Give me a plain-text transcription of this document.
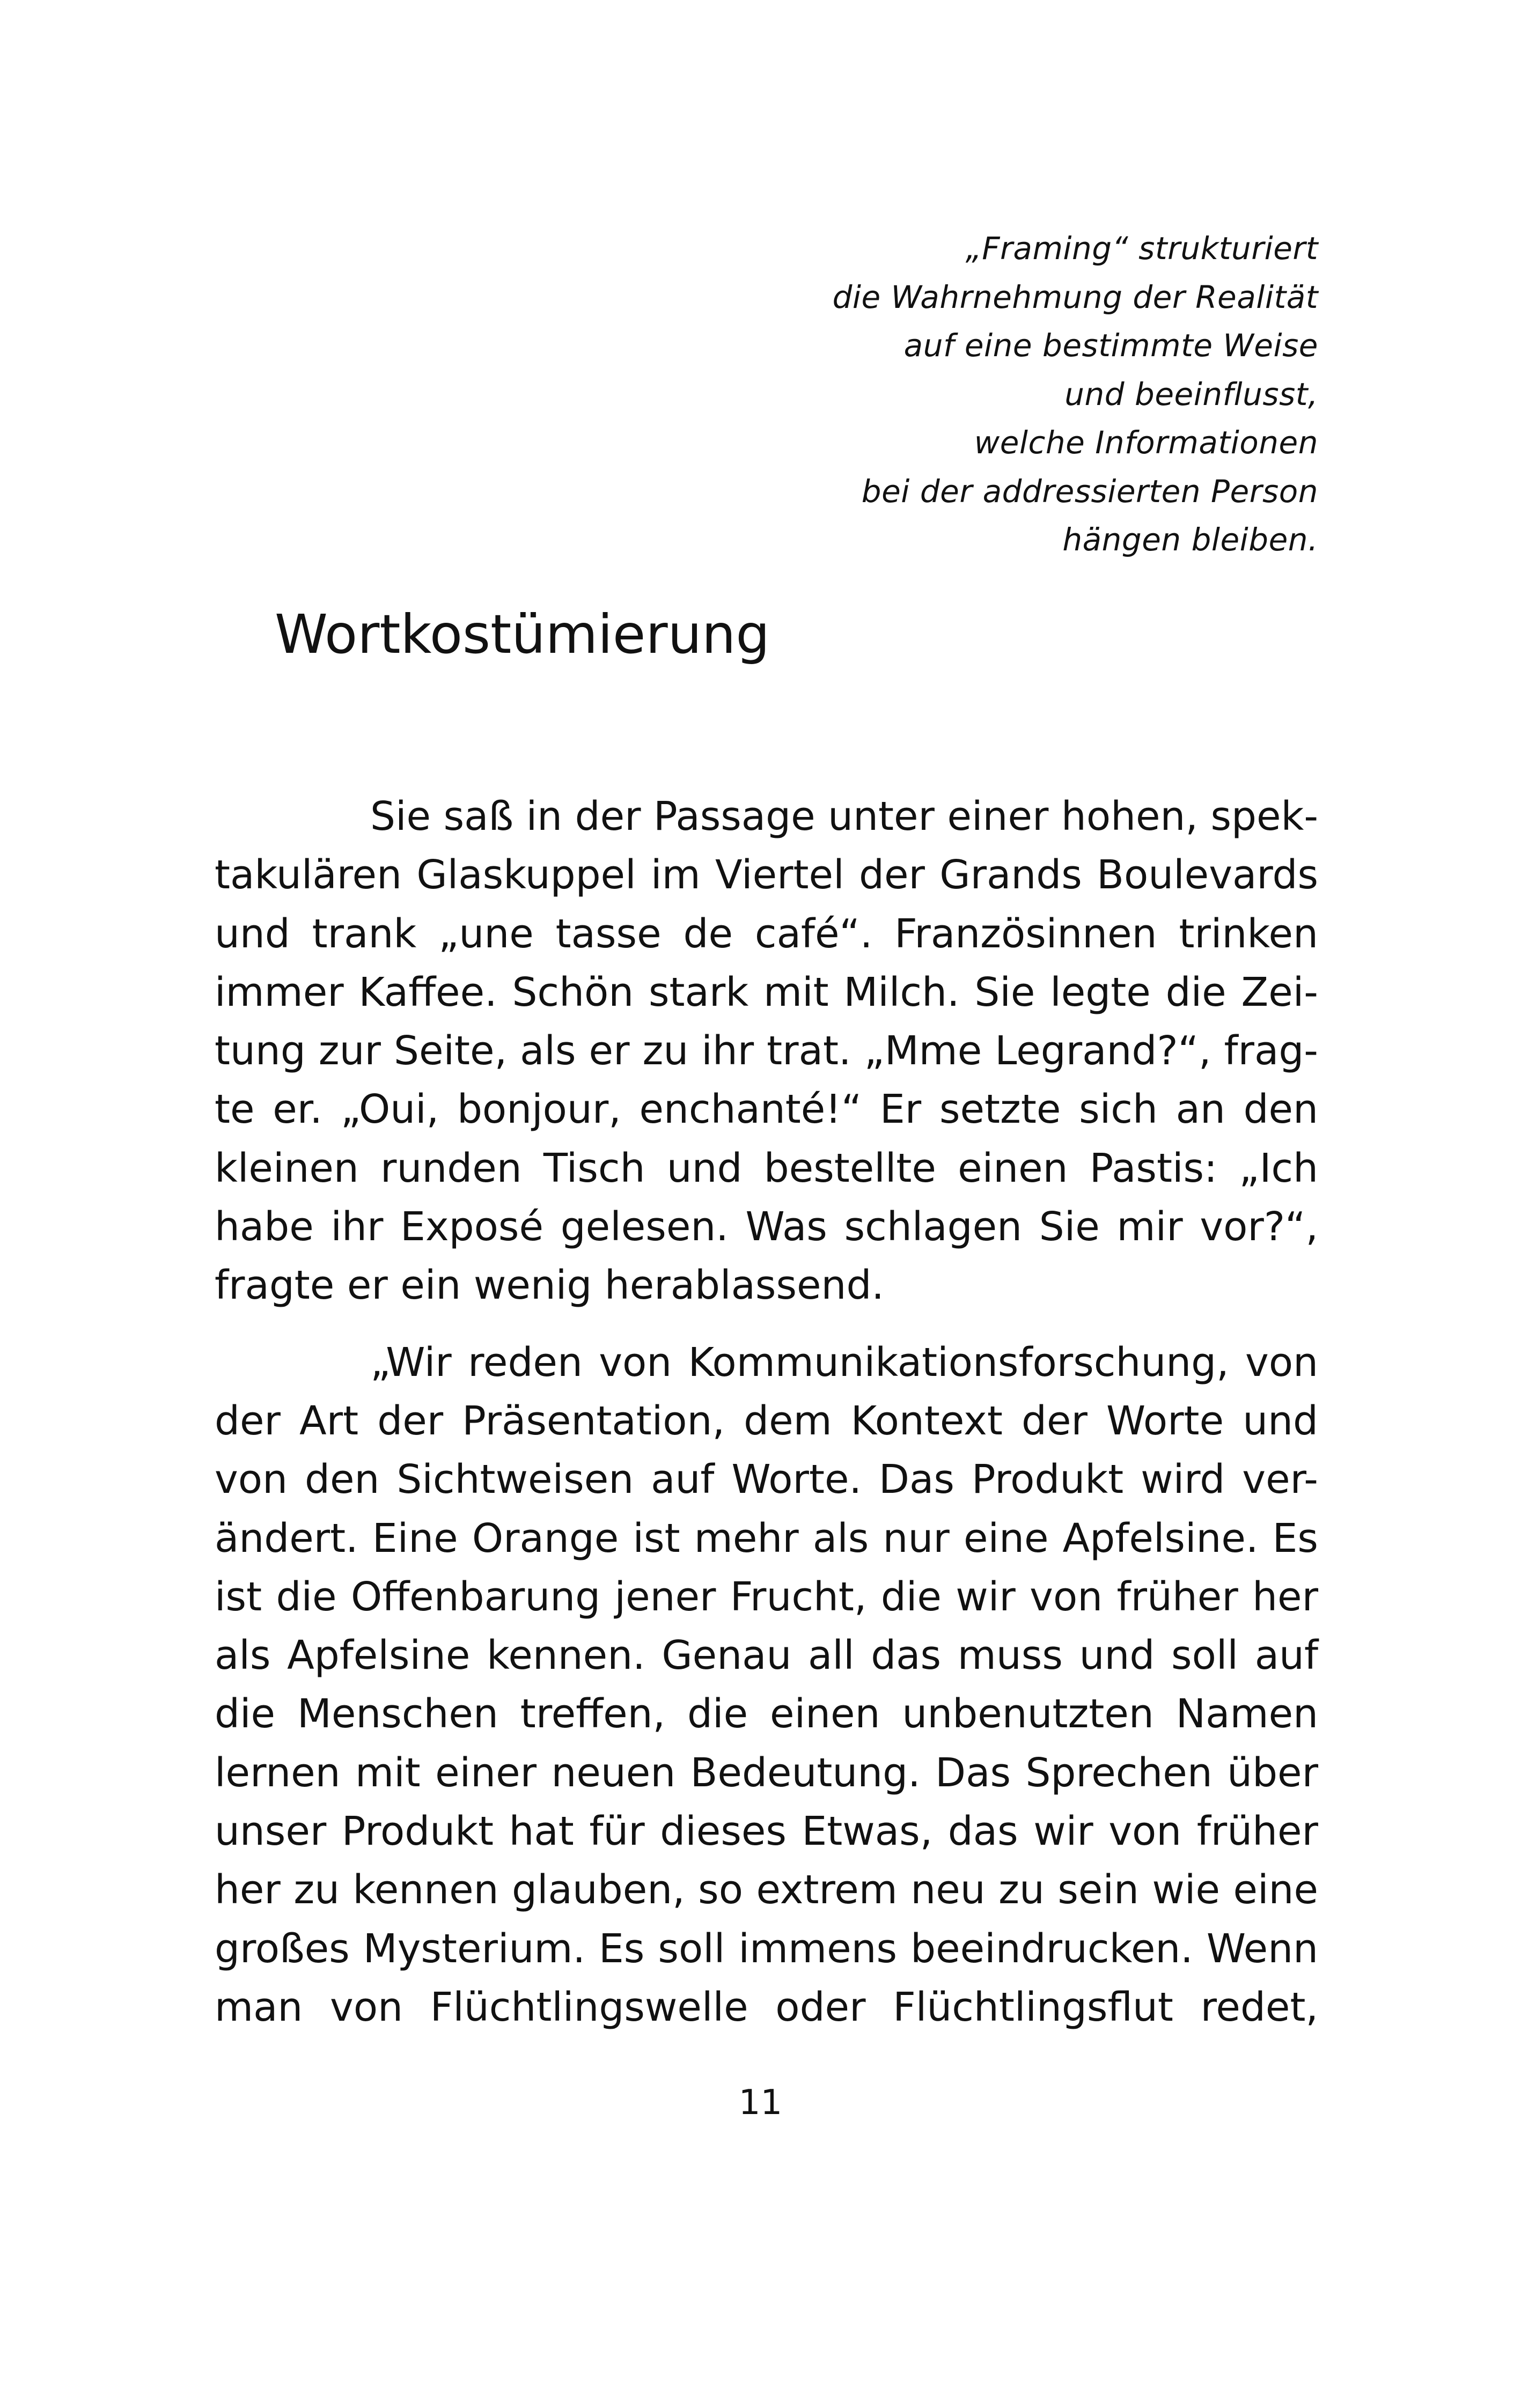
„Framing“ strukturiert
die Wahrnehmung der Realität
auf eine bestimmte Weise
und beeinflusst,
welche Informationen
bei der addressierten Person
hängen bleiben.
Wortkostümierung
Sie saß in der Passage unter einer hohen, spek-
takulären Glaskuppel im Viertel der Grands Boulevards
und trank „une tasse de café“. Französinnen trinken
immer Kaffee. Schön stark mit Milch. Sie legte die Zei-
tung zur Seite, als er zu ihr trat. „Mme Legrand?“, frag-
te er. „Oui, bonjour, enchanté!“ Er setzte sich an den
kleinen runden Tisch und bestellte einen Pastis: „Ich
habe ihr Exposé gelesen. Was schlagen Sie mir vor?“,
fragte er ein wenig herablassend.
„Wir reden von Kommunikationsforschung, von
der Art der Präsentation, dem Kontext der Worte und
von den Sichtweisen auf Worte. Das Produkt wird ver-
ändert. Eine Orange ist mehr als nur eine Apfelsine. Es
ist die Offenbarung jener Frucht, die wir von früher her
als Apfelsine kennen. Genau all das muss und soll auf
die Menschen treffen, die einen unbenutzten Namen
lernen mit einer neuen Bedeutung. Das Sprechen über
unser Produkt hat für dieses Etwas, das wir von früher
her zu kennen glauben, so extrem neu zu sein wie eine
großes Mysterium. Es soll immens beeindrucken. Wenn
man von Flüchtlingswelle oder Flüchtlingsflut redet,
11
